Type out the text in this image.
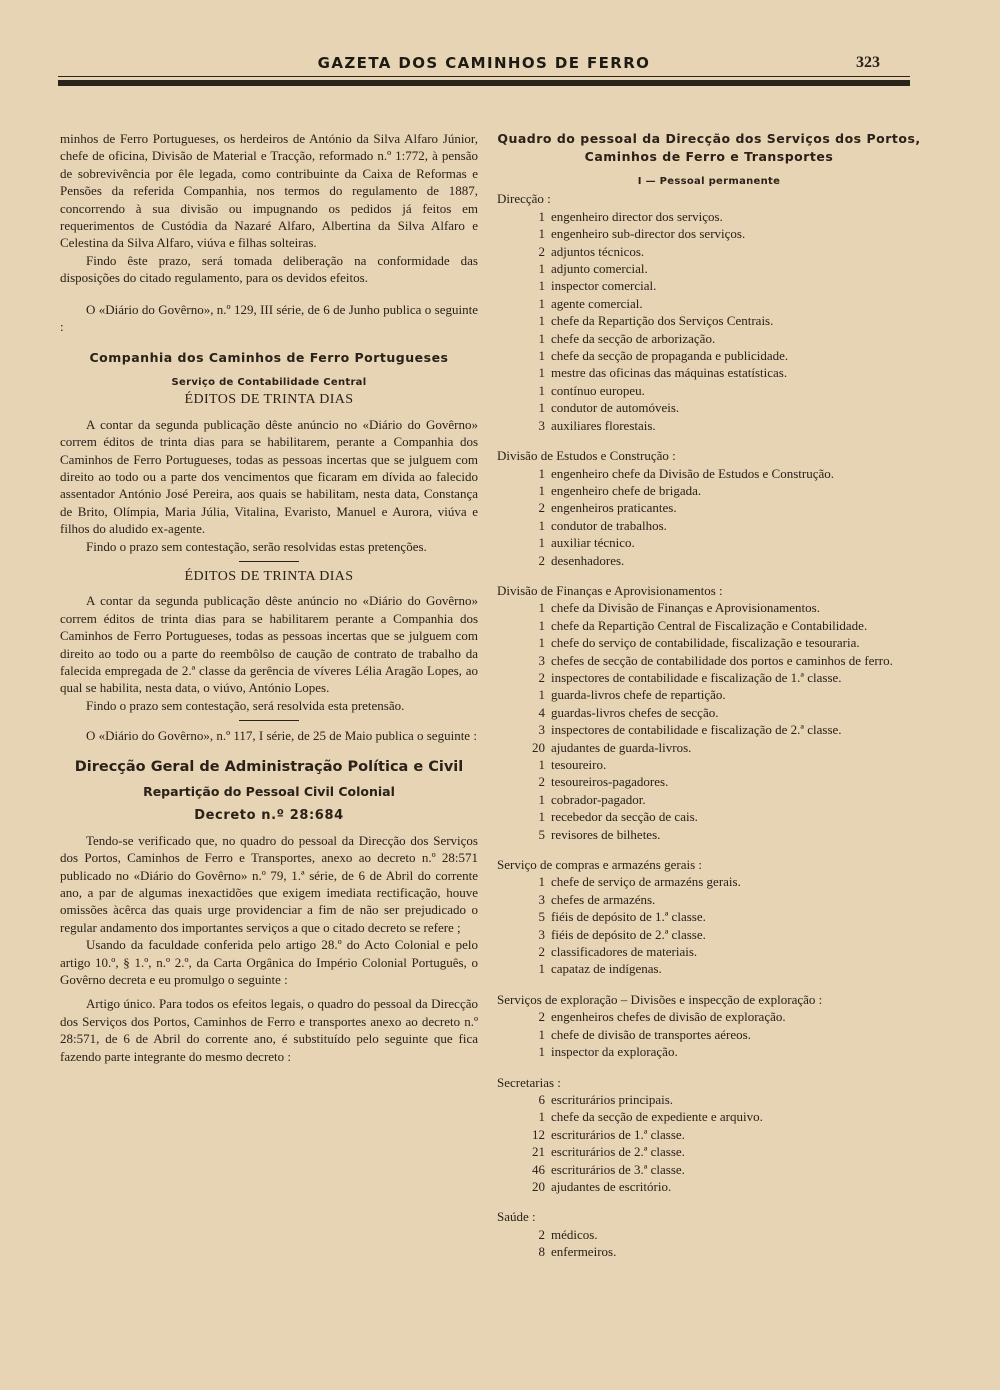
GAZETA DOS CAMINHOS DE FERRO	323

minhos de Ferro Portugueses, os herdeiros de António da Silva Alfaro Júnior, chefe de oficina, Divisão de Material e Tracção, reformado n.º 1:772, à pensão de sobrevivência por êle legada, como contribuinte da Caixa de Reformas e Pensões da referida Companhia, nos termos do regulamento de 1887, concorrendo à sua divisão ou impugnando os pedidos já feitos em requerimentos de Custódia da Nazaré Alfaro, Albertina da Silva Alfaro e Celestina da Silva Alfaro, viúva e filhas solteiras.

Findo êste prazo, será tomada deliberação na conformidade das disposições do citado regulamento, para os devidos efeitos.

O «Diário do Govêrno», n.º 129, III série, de 6 de Junho publica o seguinte :

Companhia dos Caminhos de Ferro Portugueses

Serviço de Contabilidade Central

ÉDITOS DE TRINTA DIAS

A contar da segunda publicação dêste anúncio no «Diário do Govêrno» correm éditos de trinta dias para se habilitarem, perante a Companhia dos Caminhos de Ferro Portugueses, todas as pessoas incertas que se julguem com direito ao todo ou a parte dos vencimentos que ficaram em dívida ao falecido assentador António José Pereira, aos quais se habilitam, nesta data, Constança de Brito, Olímpia, Maria Júlia, Vitalina, Evaristo, Manuel e Aurora, viúva e filhos do aludido ex-agente.

Findo o prazo sem contestação, serão resolvidas estas pretenções.

ÉDITOS DE TRINTA DIAS

A contar da segunda publicação dêste anúncio no «Diário do Govêrno» correm éditos de trinta dias para se habilitarem perante a Companhia dos Caminhos de Ferro Portugueses, todas as pessoas incertas que se julguem com direito ao todo ou a parte do reembôlso de caução de contrato de trabalho da falecida empregada de 2.ª classe da gerência de víveres Lélia Aragão Lopes, ao qual se habilita, nesta data, o viúvo, António Lopes.

Findo o prazo sem contestação, será resolvida esta pretensão.

O «Diário do Govêrno», n.º 117, I série, de 25 de Maio publica o seguinte :

Direcção Geral de Administração Política e Civil

Repartição do Pessoal Civil Colonial

Decreto n.º 28:684

Tendo-se verificado que, no quadro do pessoal da Direcção dos Serviços dos Portos, Caminhos de Ferro e Transportes, anexo ao decreto n.º 28:571 publicado no «Diário do Govêrno» n.º 79, 1.ª série, de 6 de Abril do corrente ano, a par de algumas inexactidões que exigem imediata rectificação, houve omissões àcêrca das quais urge providenciar a fim de não ser prejudicado o regular andamento dos importantes serviços a que o citado decreto se refere ;

Usando da faculdade conferida pelo artigo 28.º do Acto Colonial e pelo artigo 10.º, § 1.º, n.º 2.º, da Carta Orgânica do Império Colonial Português, o Govêrno decreta e eu promulgo o seguinte :

Artigo único. Para todos os efeitos legais, o quadro do pessoal da Direcção dos Serviços dos Portos, Caminhos de Ferro e transportes anexo ao decreto n.º 28:571, de 6 de Abril do corrente ano, é substituído pelo seguinte que fica fazendo parte integrante do mesmo decreto :

Quadro do pessoal da Direcção dos Serviços dos Portos, Caminhos de Ferro e Transportes

I — Pessoal permanente

Direcção :

1 engenheiro director dos serviços.
1 engenheiro sub-director dos serviços.
2 adjuntos técnicos.
1 adjunto comercial.
1 inspector comercial.
1 agente comercial.
1 chefe da Repartição dos Serviços Centrais.
1 chefe da secção de arborização.
1 chefe da secção de propaganda e publicidade.
1 mestre das oficinas das máquinas estatísticas.
1 contínuo europeu.
1 condutor de automóveis.
3 auxiliares florestais.

Divisão de Estudos e Construção :

1 engenheiro chefe da Divisão de Estudos e Construção.
1 engenheiro chefe de brigada.
2 engenheiros praticantes.
1 condutor de trabalhos.
1 auxiliar técnico.
2 desenhadores.

Divisão de Finanças e Aprovisionamentos :

1 chefe da Divisão de Finanças e Aprovisionamentos.
1 chefe da Repartição Central de Fiscalização e Contabilidade.
1 chefe do serviço de contabilidade, fiscalização e tesouraria.
3 chefes de secção de contabilidade dos portos e caminhos de ferro.
2 inspectores de contabilidade e fiscalização de 1.ª classe.
1 guarda-livros chefe de repartição.
4 guardas-livros chefes de secção.
3 inspectores de contabilidade e fiscalização de 2.ª classe.
20 ajudantes de guarda-livros.
1 tesoureiro.
2 tesoureiros-pagadores.
1 cobrador-pagador.
1 recebedor da secção de cais.
5 revisores de bilhetes.

Serviço de compras e armazéns gerais :

1 chefe de serviço de armazéns gerais.
3 chefes de armazéns.
5 fiéis de depósito de 1.ª classe.
3 fiéis de depósito de 2.ª classe.
2 classificadores de materiais.
1 capataz de indígenas.

Serviços de exploração – Divisões e inspecção de exploração :

2 engenheiros chefes de divisão de exploração.
1 chefe de divisão de transportes aéreos.
1 inspector da exploração.

Secretarias :

6 escriturários principais.
1 chefe da secção de expediente e arquivo.
12 escriturários de 1.ª classe.
21 escriturários de 2.ª classe.
46 escriturários de 3.ª classe.
20 ajudantes de escritório.

Saúde :

2 médicos.
8 enfermeiros.
